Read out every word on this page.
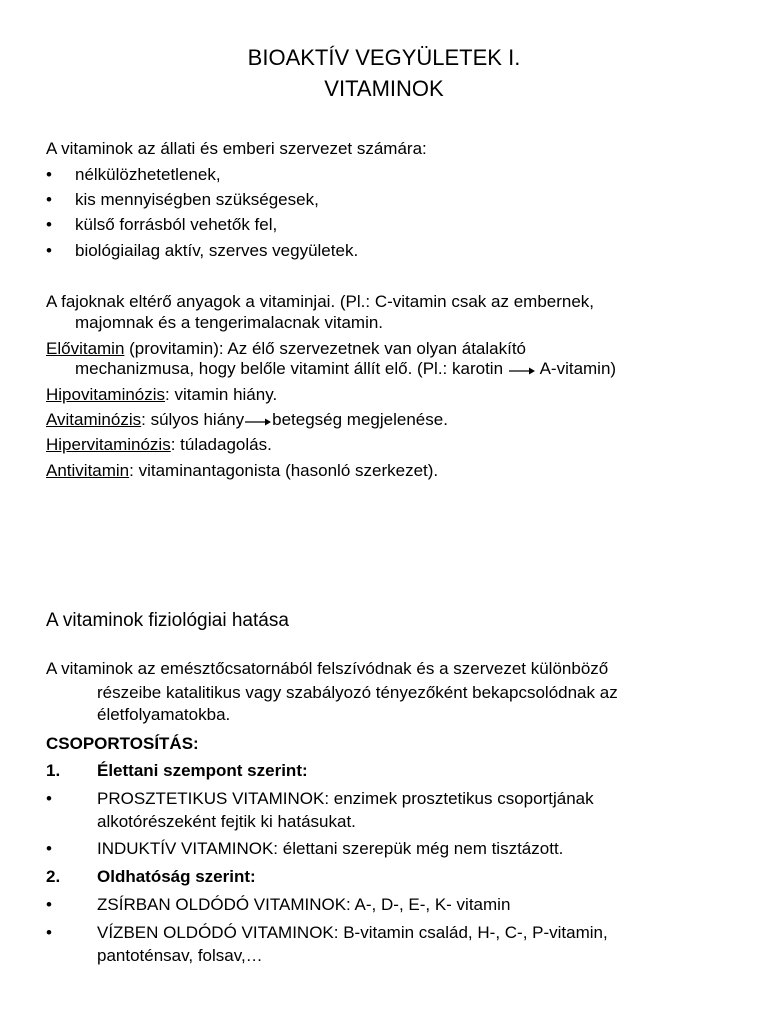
BIOAKTÍV VEGYÜLETEK I.
VITAMINOK
A vitaminok az állati és emberi szervezet számára:
• nélkülözhetetlenek,
• kis mennyiségben szükségesek,
• külső forrásból vehetők fel,
• biológiailag aktív, szerves vegyületek.
A fajoknak eltérő anyagok a vitaminjai. (Pl.: C-vitamin csak az embernek,
majomnak és a tengerimalacnak vitamin.
Elővitamin (provitamin): Az élő szervezetnek van olyan átalakító
mechanizmusa, hogy belőle vitamint állít elő. (Pl.: karotin A-vitamin)
Hipovitaminózis: vitamin hiány.
Avitaminózis: súlyos hiány betegség megjelenése.
Hipervitaminózis: túladagolás.
Antivitamin: vitaminantagonista (hasonló szerkezet).
A vitaminok fiziológiai hatása
A vitaminok az emésztőcsatornából felszívódnak és a szervezet különböző
részeibe katalitikus vagy szabályozó tényezőként bekapcsolódnak az
életfolyamatokba.
CSOPORTOSÍTÁS:
1. Élettani szempont szerint:
•	PROSZTETIKUS VITAMINOK: enzimek prosztetikus csoportjának
alkotórészeként fejtik ki hatásukat.
•	INDUKTÍV VITAMINOK: élettani szerepük még nem tisztázott.
2. Oldhatóság szerint:
•	ZSÍRBAN OLDÓDÓ VITAMINOK: A-, D-, E-, K- vitamin
•	VÍZBEN OLDÓDÓ VITAMINOK: B-vitamin család, H-, C-, P-vitamin,
pantoténsav, folsav,…
